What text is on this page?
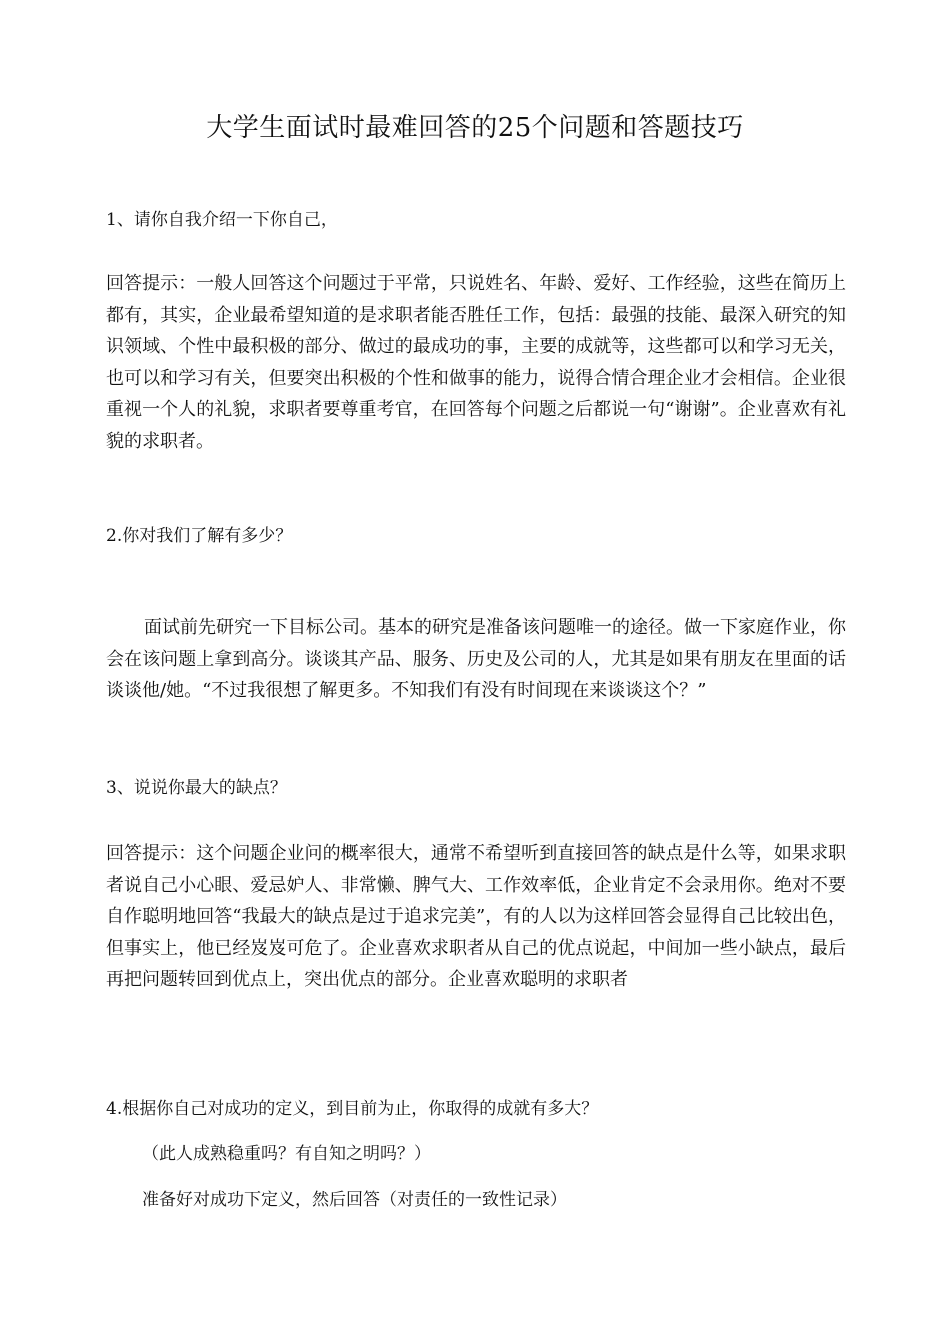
大学生面试时最难回答的25个问题和答题技巧
1、请你自我介绍一下你自己，
回答提示：一般人回答这个问题过于平常，只说姓名、年龄、爱好、工作经验，这些在简历上都有，其实，企业最希望知道的是求职者能否胜任工作，包括：最强的技能、最深入研究的知识领域、个性中最积极的部分、做过的最成功的事，主要的成就等，这些都可以和学习无关，也可以和学习有关，但要突出积极的个性和做事的能力，说得合情合理企业才会相信。企业很重视一个人的礼貌，求职者要尊重考官，在回答每个问题之后都说一句“谢谢”。企业喜欢有礼貌的求职者。
2.你对我们了解有多少？
面试前先研究一下目标公司。基本的研究是准备该问题唯一的途径。做一下家庭作业，你会在该问题上拿到高分。谈谈其产品、服务、历史及公司的人，尤其是如果有朋友在里面的话谈谈他/她。“不过我很想了解更多。不知我们有没有时间现在来谈谈这个？”
3、说说你最大的缺点？
回答提示：这个问题企业问的概率很大，通常不希望听到直接回答的缺点是什么等，如果求职者说自己小心眼、爱忌妒人、非常懒、脾气大、工作效率低，企业肯定不会录用你。绝对不要自作聪明地回答“我最大的缺点是过于追求完美”，有的人以为这样回答会显得自己比较出色，但事实上，他已经岌岌可危了。企业喜欢求职者从自己的优点说起，中间加一些小缺点，最后再把问题转回到优点上，突出优点的部分。企业喜欢聪明的求职者
4.根据你自己对成功的定义，到目前为止，你取得的成就有多大？
（此人成熟稳重吗？有自知之明吗？）
准备好对成功下定义，然后回答（对责任的一致性记录）
